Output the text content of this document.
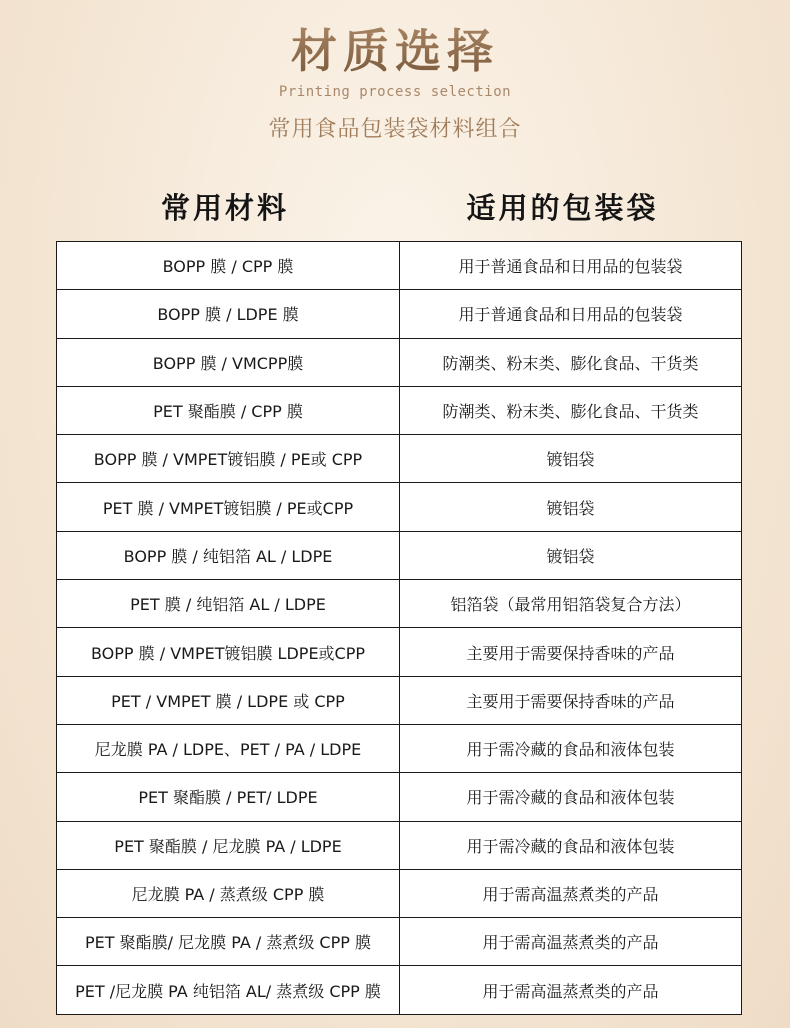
材质选择
Printing process selection
常用食品包装袋材料组合
常用材料	适用的包装袋
BOPP 膜 / CPP 膜	用于普通食品和日用品的包装袋
BOPP 膜 / LDPE 膜	用于普通食品和日用品的包装袋
BOPP 膜 / VMCPP膜	防潮类、粉末类、膨化食品、干货类
PET 聚酯膜 / CPP 膜	防潮类、粉末类、膨化食品、干货类
BOPP 膜 / VMPET镀铝膜 / PE或 CPP	镀铝袋
PET 膜 / VMPET镀铝膜 / PE或CPP	镀铝袋
BOPP 膜 / 纯铝箔 AL / LDPE	镀铝袋
PET 膜 / 纯铝箔 AL / LDPE	铝箔袋（最常用铝箔袋复合方法）
BOPP 膜 / VMPET镀铝膜 LDPE或CPP	主要用于需要保持香味的产品
PET / VMPET 膜 / LDPE 或 CPP	主要用于需要保持香味的产品
尼龙膜 PA / LDPE、PET / PA / LDPE	用于需冷藏的食品和液体包装
PET 聚酯膜 / PET/ LDPE	用于需冷藏的食品和液体包装
PET 聚酯膜 / 尼龙膜 PA / LDPE	用于需冷藏的食品和液体包装
尼龙膜 PA / 蒸煮级 CPP 膜	用于需高温蒸煮类的产品
PET 聚酯膜/ 尼龙膜 PA / 蒸煮级 CPP 膜	用于需高温蒸煮类的产品
PET /尼龙膜 PA 纯铝箔 AL/ 蒸煮级 CPP 膜	用于需高温蒸煮类的产品
